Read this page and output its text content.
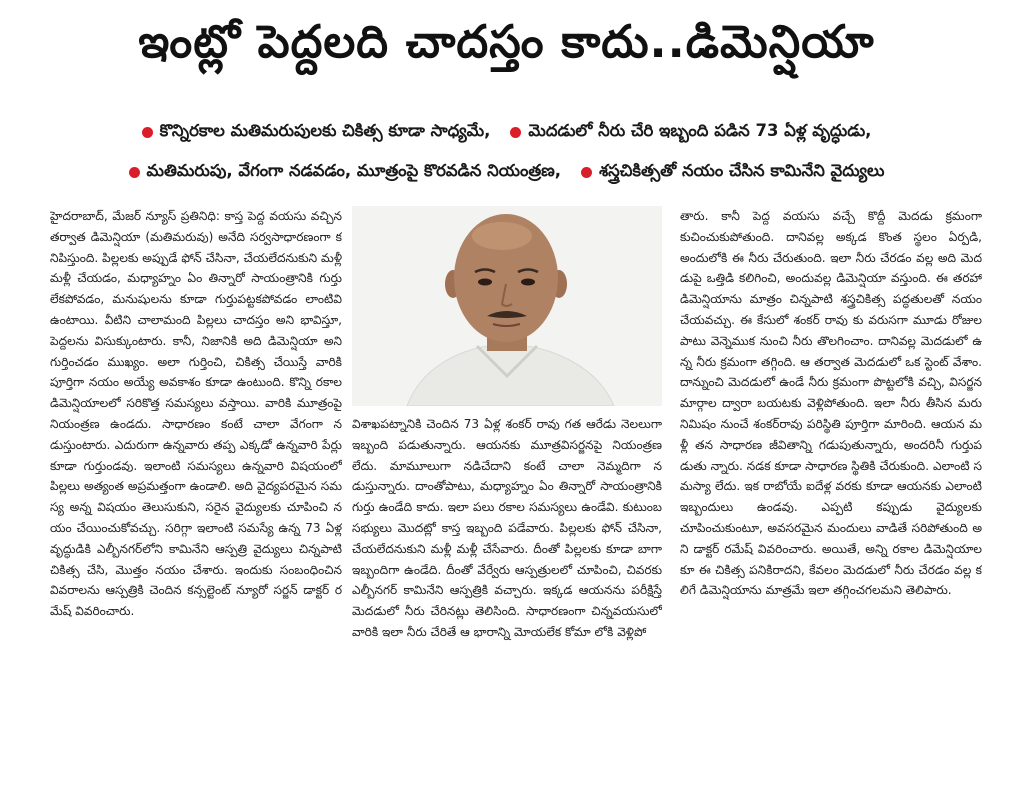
ఇంట్లో పెద్దలది చాదస్తం కాదు..డిమెన్షియా
కొన్నిరకాల మతిమరుపులకు చికిత్స కూడా సాధ్యమే, మెదడులో నీరు చేరి ఇబ్బంది పడిన 73 ఏళ్ల వృద్ధుడు,
మతిమరుపు, వేగంగా నడవడం, మూత్రంపై కొరవడిన నియంత్రణ, శస్త్రచికిత్సతో నయం చేసిన కామినేని వైద్యులు

హైదరాబాద్, మేజర్ న్యూస్ ప్రతినిధి: కాస్త పెద్ద వయసు వచ్చిన తర్వాత డిమెన్షియా (మతిమరువు) అనేది సర్వసాధారణంగా కనిపిస్తుంది. పిల్లలకు అప్పుడే ఫోన్ చేసినా, చేయలేదనుకుని మళ్లీ మళ్లీ చేయడం, మధ్యాహ్నం ఏం తిన్నారో సాయంత్రానికి గుర్తు లేకపోవడం, మనుషులను కూడా గుర్తుపట్టకపోవడం లాంటివి ఉంటాయి. వీటిని చాలామంది పిల్లలు చాదస్తం అని భావిస్తూ, పెద్దలను విసుక్కుంటారు. కానీ, నిజానికి అది డిమెన్షియా అని గుర్తించడం ముఖ్యం. అలా గుర్తించి, చికిత్స చేయిస్తే వారికి పూర్తిగా నయం అయ్యే అవకాశం కూడా ఉంటుంది. కొన్ని రకాల డిమెన్షియాలలో సరికొత్త సమస్యలు వస్తాయి. వారికి మూత్రంపై నియంత్రణ ఉండదు. సాధారణం కంటే చాలా వేగంగా నడుస్తుంటారు. ఎదురుగా ఉన్నవారు తప్ప ఎక్కడో ఉన్నవారి పేర్లు కూడా గుర్తుండవు. ఇలాంటి సమస్యలు ఉన్నవారి విషయంలో పిల్లలు అత్యంత అప్రమత్తంగా ఉండాలి. అది వైద్యపరమైన సమస్య అన్న విషయం తెలుసుకుని, సరైన వైద్యులకు చూపించి నయం చేయించుకోవచ్చు. సరిగ్గా ఇలాంటి సమస్యే ఉన్న 73 ఏళ్ల వృద్ధుడికి ఎల్బీనగర్‌లోని కామినేని ఆస్పత్రి వైద్యులు చిన్నపాటి చికిత్స చేసి, మొత్తం నయం చేశారు. ఇందుకు సంబంధించిన వివరాలను ఆస్పత్రికి చెందిన కన్సల్టెంట్ న్యూరో సర్జన్ డాక్టర్ రమేష్ వివరించారు.

విశాఖపట్నానికి చెందిన 73 ఏళ్ల శంకర్ రావు గత ఆరేడు నెలలుగా ఇబ్బంది పడుతున్నారు. ఆయనకు మూత్రవిసర్జనపై నియంత్రణ లేదు. మామూలుగా నడిచేదాని కంటే చాలా నెమ్మదిగా నడుస్తున్నారు. దాంతోపాటు, మధ్యాహ్నం ఏం తిన్నారో సాయంత్రానికి గుర్తు ఉండేది కాదు. ఇలా పలు రకాల సమస్యలు ఉండేవి. కుటుంబ సభ్యులు మొదట్లో కాస్త ఇబ్బంది పడేవారు. పిల్లలకు ఫోన్ చేసినా, చేయలేదనుకుని మళ్లీ మళ్లీ చేసేవారు. దీంతో పిల్లలకు కూడా బాగా ఇబ్బందిగా ఉండేది. దీంతో వేర్వేరు ఆస్పత్రులలో చూపించి, చివరకు ఎల్బీనగర్ కామినేని ఆస్పత్రికి వచ్చారు. ఇక్కడ ఆయనను పరీక్షిస్తే మెదడులో నీరు చేరినట్లు తెలిసింది. సాధారణంగా చిన్నవయసులో వారికి ఇలా నీరు చేరితే ఆ భారాన్ని మోయలేక కోమా లోకి వెళ్లిపో

తారు. కానీ పెద్ద వయసు వచ్చే కొద్దీ మెదడు క్రమంగా కుచించుకుపోతుంది. దానివల్ల అక్కడ కొంత స్థలం ఏర్పడి, అందులోకి ఈ నీరు చేరుతుంది. ఇలా నీరు చేరడం వల్ల అది మెదడుపై ఒత్తిడి కలిగించి, అందువల్ల డిమెన్షియా వస్తుంది. ఈ తరహా డిమెన్షియాను మాత్రం చిన్నపాటి శస్త్రచికిత్స పద్ధతులతో నయం చేయవచ్చు. ఈ కేసులో శంకర్ రావు కు వరుసగా మూడు రోజుల పాటు వెన్నెముక నుంచి నీరు తొలగించాం. దానివల్ల మెదడులో ఉన్న నీరు క్రమంగా తగ్గింది. ఆ తర్వాత మెదడులో ఒక స్టెంట్ వేశాం. దాన్నుంచి మెదడులో ఉండే నీరు క్రమంగా పొట్టలోకి వచ్చి, విసర్జన మార్గాల ద్వారా బయటకు వెళ్లిపోతుంది. ఇలా నీరు తీసిన మరు నిమిషం నుంచే శంకర్‌రావు పరిస్థితి పూర్తిగా మారింది. ఆయన మళ్లీ తన సాధారణ జీవితాన్ని గడుపుతున్నారు, అందరినీ గుర్తుపడుతు న్నారు. నడక కూడా సాధారణ స్థితికి చేరుకుంది. ఎలాంటి సమస్యా లేదు. ఇక రాబోయే ఐదేళ్ల వరకు కూడా ఆయనకు ఎలాంటి ఇబ్బందులు ఉండవు. ఎప్పటి కప్పుడు వైద్యులకు చూపించుకుంటూ, అవసరమైన మందులు వాడితే సరిపోతుంది అని డాక్టర్ రమేష్ వివరించారు. అయితే, అన్ని రకాల డిమెన్షియాలకూ ఈ చికిత్స పనికిరాదని, కేవలం మెదడులో నీరు చేరడం వల్ల కలిగే డిమెన్షియాను మాత్రమే ఇలా తగ్గించగలమని తెలిపారు.
